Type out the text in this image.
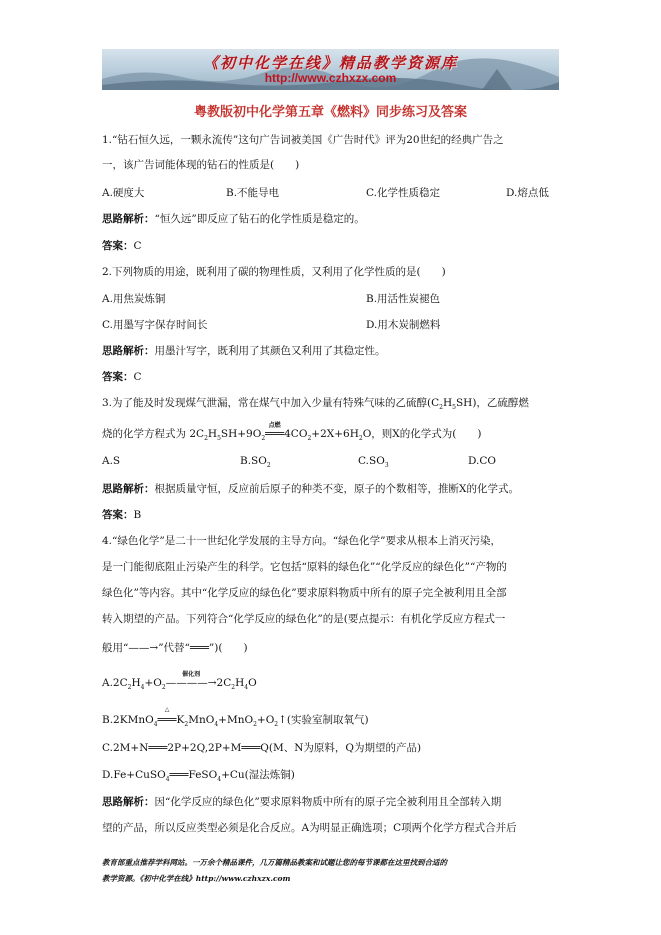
《初中化学在线》精品教学资源库
http://www.czhxzx.com
粤教版初中化学第五章《燃料》同步练习及答案
1.“钻石恒久远，一颗永流传”这句广告词被美国《广告时代》评为20世纪的经典广告之
一，该广告词能体现的钻石的性质是(　　)
A.硬度大	B.不能导电	C.化学性质稳定	D.熔点低
思路解析：“恒久远”即反应了钻石的化学性质是稳定的。
答案：C
2.下列物质的用途，既利用了碳的物理性质，又利用了化学性质的是(　　)
A.用焦炭炼铜	B.用活性炭褪色
C.用墨写字保存时间长	D.用木炭制燃料
思路解析：用墨汁写字，既利用了其颜色又利用了其稳定性。
答案：C
3.为了能及时发现煤气泄漏，常在煤气中加入少量有特殊气味的乙硫醇$(C_2H_5SH)$，乙硫醇燃
烧的化学方程式为 $2C_2H_5SH+9O_2$
点燃
$═══4CO_2+2X+6H_2O$，则X的化学式为(　　)
A.S	$B.SO_2$	$C.SO_3$	D.CO
思路解析：根据质量守恒，反应前后原子的种类不变，原子的个数相等，推断X的化学式。
答案：B
4.“绿色化学”是二十一世纪化学发展的主导方向。“绿色化学”要求从根本上消灭污染，
是一门能彻底阻止污染产生的科学。它包括“原料的绿色化”“化学反应的绿色化”“产物的
绿色化”等内容。其中“化学反应的绿色化”要求原料物质中所有的原子完全被利用且全部
转入期望的产品。下列符合“化学反应的绿色化”的是(要点提示：有机化学反应方程式一
般用“——→”代替“═══”)(　　)
$A.2C_2H_4+O_2$
催化剂
$————\to 2C_2H_4O$
B.2KMnO$_4$
△
$═══K_2MnO_4+MnO_2+O_2↑$(实验室制取氧气)
C.2M+N═══2P+2Q,2P+M═══Q(M、N为原料，Q为期望的产品)
D.Fe+CuSO$_4$═══FeSO$_4$+Cu(湿法炼铜)
思路解析：因“化学反应的绿色化”要求原料物质中所有的原子完全被利用且全部转入期
望的产品，所以反应类型必须是化合反应。A为明显正确选项；C项两个化学方程式合并后
教育部重点推荐学科网站。一万余个精品课件，几万篇精品教案和试题让您的每节课都在这里找到合适的
教学资源。《初中化学在线》http://www.czhxzx.com
